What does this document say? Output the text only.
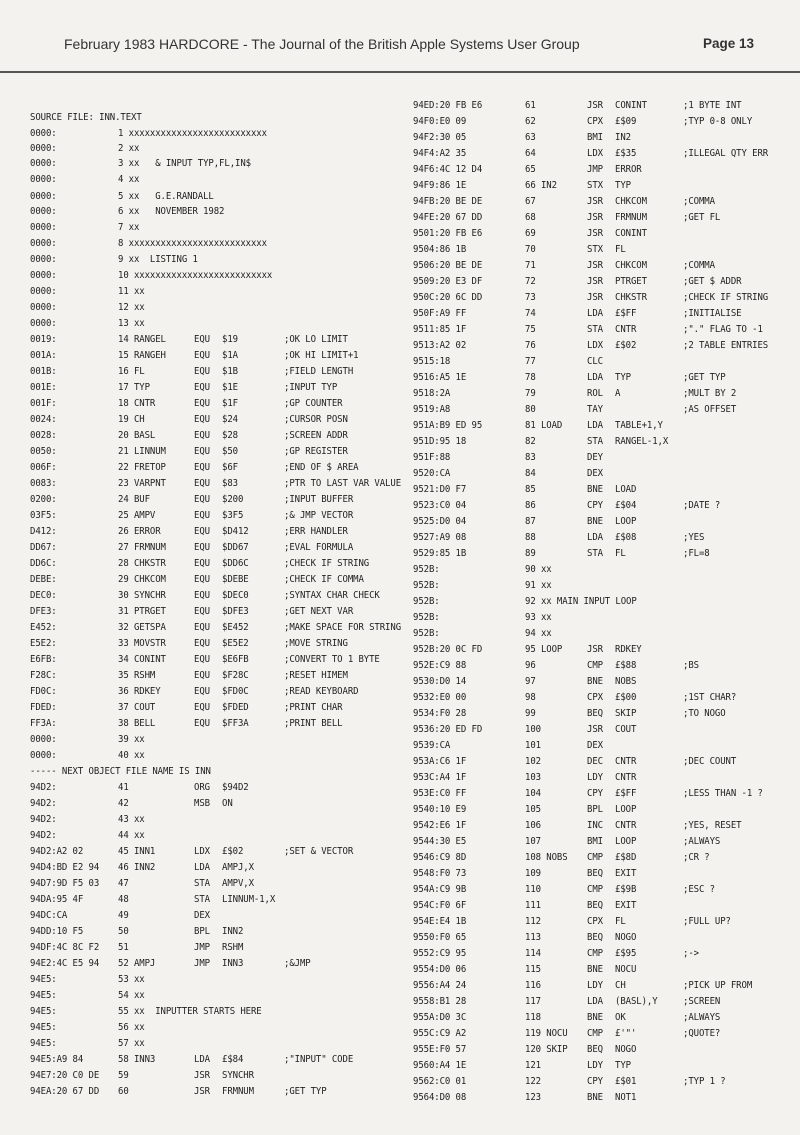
February 1983 HARDCORE - The Journal of the British Apple Systems User Group	Page 13
SOURCE FILE: INN.TEXT
0000:	1 xxxxxxxxxxxxxxxxxxxxxxxxxx
0000:	2 xx
0000:	3 xx   & INPUT TYP,FL,IN$
0000:	4 xx
0000:	5 xx   G.E.RANDALL
0000:	6 xx   NOVEMBER 1982
0000:	7 xx
0000:	8 xxxxxxxxxxxxxxxxxxxxxxxxxx
0000:	9 xx  LISTING 1
0000:	10 xxxxxxxxxxxxxxxxxxxxxxxxxx
0000:	11 xx
0000:	12 xx
0000:	13 xx
0019:	14 RANGEL	EQU $19	;OK LO LIMIT
001A:	15 RANGEH	EQU $1A	;OK HI LIMIT+1
001B:	16 FL	EQU $1B	;FIELD LENGTH
001E:	17 TYP	EQU $1E	;INPUT TYP
001F:	18 CNTR	EQU $1F	;GP COUNTER
0024:	19 CH	EQU $24	;CURSOR POSN
0028:	20 BASL	EQU $28	;SCREEN ADDR
0050:	21 LINNUM	EQU $50	;GP REGISTER
006F:	22 FRETOP	EQU $6F	;END OF $ AREA
0083:	23 VARPNT	EQU $83	;PTR TO LAST VAR VALUE
0200:	24 BUF	EQU $200	;INPUT BUFFER
03F5:	25 AMPV	EQU $3F5	;& JMP VECTOR
D412:	26 ERROR	EQU $D412	;ERR HANDLER
DD67:	27 FRMNUM	EQU $DD67	;EVAL FORMULA
DD6C:	28 CHKSTR	EQU $DD6C	;CHECK IF STRING
DEBE:	29 CHKCOM	EQU $DEBE	;CHECK IF COMMA
DEC0:	30 SYNCHR	EQU $DEC0	;SYNTAX CHAR CHECK
DFE3:	31 PTRGET	EQU $DFE3	;GET NEXT VAR
E452:	32 GETSPA	EQU $E452	;MAKE SPACE FOR STRING
E5E2:	33 MOVSTR	EQU $E5E2	;MOVE STRING
E6FB:	34 CONINT	EQU $E6FB	;CONVERT TO 1 BYTE
F28C:	35 RSHM	EQU $F28C	;RESET HIMEM
FD0C:	36 RDKEY	EQU $FD0C	;READ KEYBOARD
FDED:	37 COUT	EQU $FDED	;PRINT CHAR
FF3A:	38 BELL	EQU $FF3A	;PRINT BELL
0000:	39 xx
0000:	40 xx
----- NEXT OBJECT FILE NAME IS INN
94D2:	41	ORG $94D2
94D2:	42	MSB ON
94D2:	43 xx
94D2:	44 xx
94D2:A2 02	45 INN1	LDX £$02	;SET & VECTOR
94D4:BD E2 94 46 INN2	LDA AMPJ,X
94D7:9D F5 03 47	STA AMPV,X
94DA:95 4F	48	STA LINNUM-1,X
94DC:CA	49	DEX
94DD:10 F5	50	BPL INN2
94DF:4C 8C F2 51	JMP RSHM
94E2:4C E5 94 52 AMPJ	JMP INN3	;&JMP
94E5:	53 xx
94E5:	54 xx
94E5:	55 xx  INPUTTER STARTS HERE
94E5:	56 xx
94E5:	57 xx
94E5:A9 84	58 INN3	LDA £$84	;"INPUT" CODE
94E7:20 C0 DE 59	JSR SYNCHR
94EA:20 67 DD 60	JSR FRMNUM	;GET TYP
94ED:20 FB E6	61	JSR CONINT	;1 BYTE INT
94F0:E0 09	62	CPX £$09	;TYP 0-8 ONLY
94F2:30 05	63	BMI IN2
94F4:A2 35	64	LDX £$35	;ILLEGAL QTY ERR
94F6:4C 12 D4	65	JMP ERROR
94F9:86 1E	66 IN2	STX TYP
94FB:20 BE DE	67	JSR CHKCOM	;COMMA
94FE:20 67 DD	68	JSR FRMNUM	;GET FL
9501:20 FB E6	69	JSR CONINT
9504:86 1B	70	STX FL
9506:20 BE DE	71	JSR CHKCOM	;COMMA
9509:20 E3 DF	72	JSR PTRGET	;GET $ ADDR
950C:20 6C DD	73	JSR CHKSTR	;CHECK IF STRING
950F:A9 FF	74	LDA £$FF	;INITIALISE
9511:85 1F	75	STA CNTR	;"." FLAG TO -1
9513:A2 02	76	LDX £$02	;2 TABLE ENTRIES
9515:18	77	CLC
9516:A5 1E	78	LDA TYP	;GET TYP
9518:2A	79	ROL A	;MULT BY 2
9519:A8	80	TAY	;AS OFFSET
951A:B9 ED 95	81 LOAD	LDA TABLE+1,Y
951D:95 18	82	STA RANGEL-1,X
951F:88	83	DEY
9520:CA	84	DEX
9521:D0 F7	85	BNE LOAD
9523:C0 04	86	CPY £$04	;DATE ?
9525:D0 04	87	BNE LOOP
9527:A9 08	88	LDA £$08	;YES
9529:85 1B	89	STA FL	;FL=8
952B:	90 xx
952B:	91 xx
952B:	92 xx MAIN INPUT LOOP
952B:	93 xx
952B:	94 xx
952B:20 0C FD	95 LOOP	JSR RDKEY
952E:C9 88	96	CMP £$88	;BS
9530:D0 14	97	BNE NOBS
9532:E0 00	98	CPX £$00	;1ST CHAR?
9534:F0 28	99	BEQ SKIP	;TO NOGO
9536:20 ED FD	100	JSR COUT
9539:CA	101	DEX
953A:C6 1F	102	DEC CNTR	;DEC COUNT
953C:A4 1F	103	LDY CNTR
953E:C0 FF	104	CPY £$FF	;LESS THAN -1 ?
9540:10 E9	105	BPL LOOP
9542:E6 1F	106	INC CNTR	;YES, RESET
9544:30 E5	107	BMI LOOP	;ALWAYS
9546:C9 8D	108 NOBS CMP £$8D	;CR ?
9548:F0 73	109	BEQ EXIT
954A:C9 9B	110	CMP £$9B	;ESC ?
954C:F0 6F	111	BEQ EXIT
954E:E4 1B	112	CPX FL	;FULL UP?
9550:F0 65	113	BEQ NOGO
9552:C9 95	114	CMP £$95	;->
9554:D0 06	115	BNE NOCU
9556:A4 24	116	LDY CH	;PICK UP FROM
9558:B1 28	117	LDA (BASL),Y	;SCREEN
955A:D0 3C	118	BNE OK	;ALWAYS
955C:C9 A2	119 NOCU CMP £'"'	;QUOTE?
955E:F0 57	120 SKIP BEQ NOGO
9560:A4 1E	121	LDY TYP
9562:C0 01	122	CPY £$01	;TYP 1 ?
9564:D0 08	123	BNE NOT1
